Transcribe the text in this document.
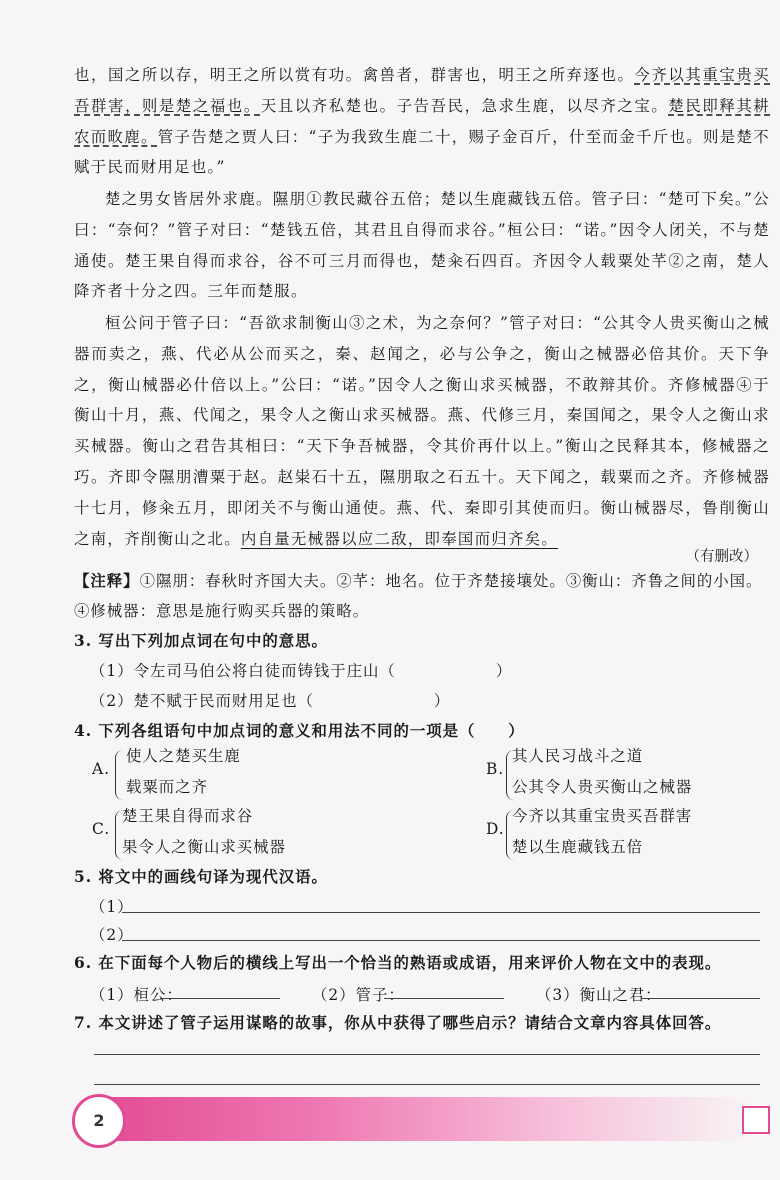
也，国之所以存，明王之所以赏有功。禽兽者，群害也，明王之所弃逐也。今齐以其重宝贵买吾群害，则是楚之福也。天且以齐私楚也。子告吾民，急求生鹿，以尽齐之宝。楚民即释其耕农而畋鹿。管子告楚之贾人曰：“子为我致生鹿二十，赐子金百斤，什至而金千斤也。则是楚不赋于民而财用足也。”

楚之男女皆居外求鹿。隰朋①教民藏谷五倍；楚以生鹿藏钱五倍。管子曰：“楚可下矣。”公曰：“奈何？”管子对曰：“楚钱五倍，其君且自得而求谷。”桓公曰：“诺。”因令人闭关，不与楚通使。楚王果自得而求谷，谷不可三月而得也，楚籴石四百。齐因令人载粟处芊②之南，楚人降齐者十分之四。三年而楚服。

桓公问于管子曰：“吾欲求制衡山③之术，为之奈何？”管子对曰：“公其令人贵买衡山之械器而卖之，燕、代必从公而买之，秦、赵闻之，必与公争之，衡山之械器必倍其价。天下争之，衡山械器必什倍以上。”公曰：“诺。”因令人之衡山求买械器，不敢辩其价。齐修械器④于衡山十月，燕、代闻之，果令人之衡山求买械器。燕、代修三月，秦国闻之，果令人之衡山求买械器。衡山之君告其相曰：“天下争吾械器，令其价再什以上。”衡山之民释其本，修械器之巧。齐即令隰朋漕粟于赵。赵粜石十五，隰朋取之石五十。天下闻之，载粟而之齐。齐修械器十七月，修籴五月，即闭关不与衡山通使。燕、代、秦即引其使而归。衡山械器尽，鲁削衡山之南，齐削衡山之北。内自量无械器以应二敌，即奉国而归齐矣。

（有删改）
【注释】①隰朋：春秋时齐国大夫。②芊：地名。位于齐楚接壤处。③衡山：齐鲁之间的小国。
④修械器：意思是施行购买兵器的策略。
3. 写出下列加点词在句中的意思。
（1）令左司马伯公将白徒而铸钱于庄山（	）
（2）楚不赋于民而财用足也（	）
4. 下列各组语句中加点词的意义和用法不同的一项是（　　）
A.
使人之楚买生鹿
载粟而之齐
B.
其人民习战斗之道
公其令人贵买衡山之械器
C.
楚王果自得而求谷
果令人之衡山求买械器
D.
今齐以其重宝贵买吾群害
楚以生鹿藏钱五倍
5. 将文中的画线句译为现代汉语。
（1）
（2）
6. 在下面每个人物后的横线上写出一个恰当的熟语或成语，用来评价人物在文中的表现。
（1）桓公：	（2）管子：	（3）衡山之君：
7. 本文讲述了管子运用谋略的故事，你从中获得了哪些启示？请结合文章内容具体回答。
2
